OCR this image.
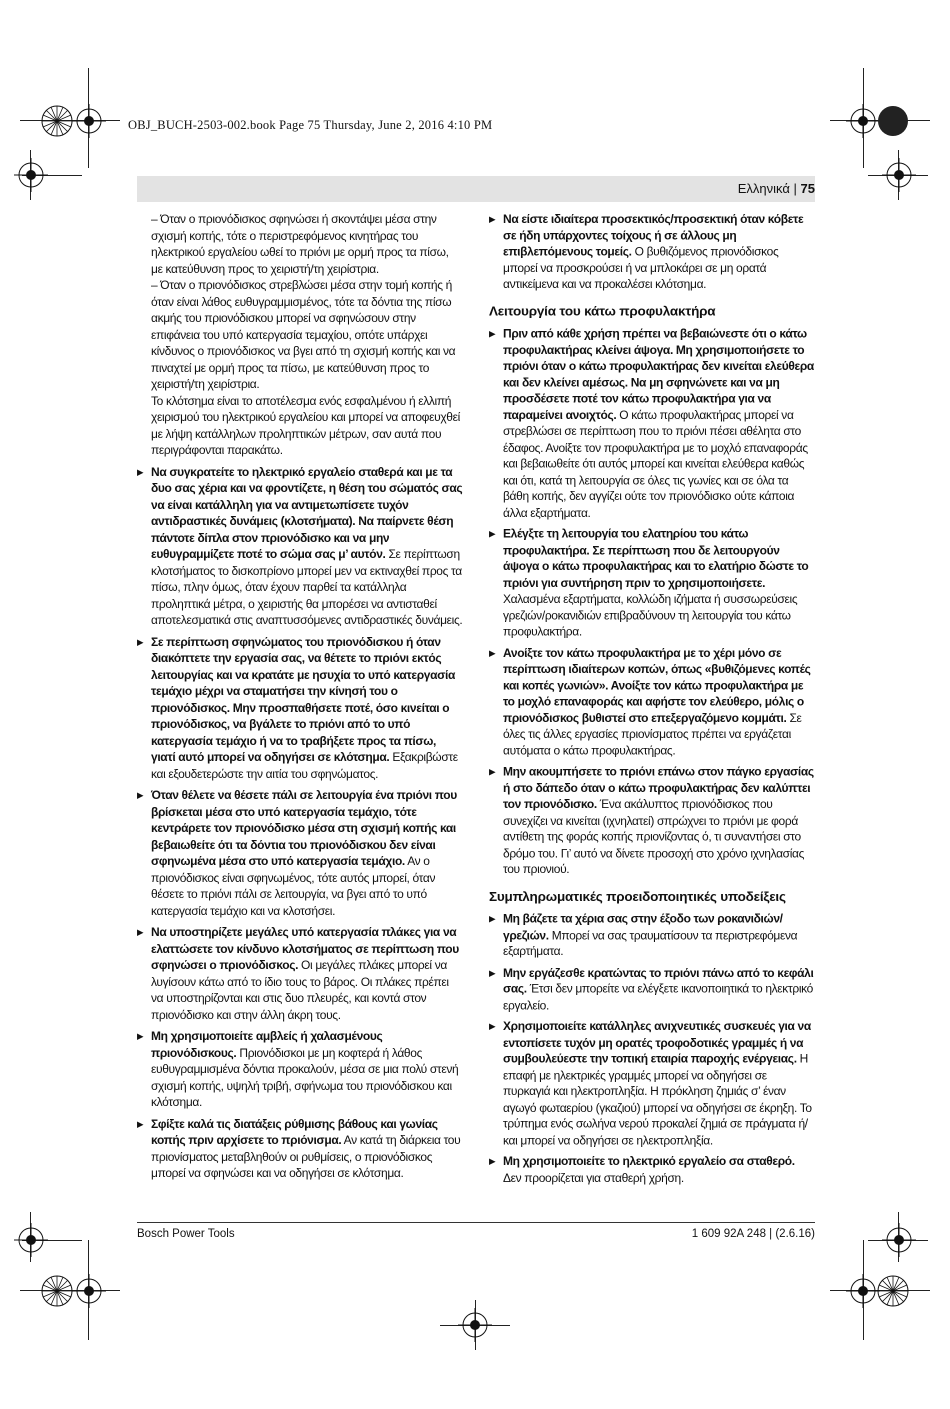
OBJ_BUCH-2503-002.book Page 75 Thursday, June 2, 2016 4:10 PM
Ελληνικά | 75

– Όταν ο πριονόδισκος σφηνώσει ή σκοντάψει μέσα στην σχισμή κοπής, τότε ο περιστρεφόμενος κινητήρας του ηλεκτρικού εργαλείου ωθεί το πριόνι με ορμή προς τα πίσω, με κατεύθυνση προς το χειριστή/τη χειρίστρια.

– Όταν ο πριονόδισκος στρεβλώσει μέσα στην τομή κοπής ή όταν είναι λάθος ευθυγραμμισμένος, τότε τα δόντια της πίσω ακμής του πριονόδισκου μπορεί να σφηνώσουν στην επιφάνεια του υπό κατεργασία τεμαχίου, οπότε υπάρχει κίνδυνος ο πριονόδισκος να βγει από τη σχισμή κοπής και να πιναχτεί με ορμή προς τα πίσω, με κατεύθυνση προς το χειριστή/τη χειρίστρια.

Το κλότσημα είναι το αποτέλεσμα ενός εσφαλμένου ή ελλιπή χειρισμού του ηλεκτρικού εργαλείου και μπορεί να αποφευχθεί με λήψη κατάλληλων προληπτικών μέτρων, σαν αυτά που περιγράφονται παρακάτω.

▶ Να συγκρατείτε το ηλεκτρικό εργαλείο σταθερά και με τα δυο σας χέρια και να φροντίζετε, η θέση του σώματός σας να είναι κατάλληλη για να αντιμετωπίσετε τυχόν αντιδραστικές δυνάμεις (κλοτσήματα). Να παίρνετε θέση πάντοτε δίπλα στον πριονόδισκο και να μην ευθυγραμμίζετε ποτέ το σώμα σας μ’ αυτόν. Σε περίπτωση κλοτσήματος το δισκοπρίονο μπορεί μεν να εκτιναχθεί προς τα πίσω, πλην όμως, όταν έχουν παρθεί τα κατάλληλα προληπτικά μέτρα, ο χειριστής θα μπορέσει να αντισταθεί αποτελεσματικά στις αναπτυσσόμενες αντιδραστικές δυνάμεις.
▶ Σε περίπτωση σφηνώματος του πριονόδισκου ή όταν διακόπτετε την εργασία σας, να θέτετε το πριόνι εκτός λειτουργίας και να κρατάτε με ησυχία το υπό κατεργασία τεμάχιο μέχρι να σταματήσει την κίνησή του ο πριονόδισκος. Μην προσπαθήσετε ποτέ, όσο κινείται ο πριονόδισκος, να βγάλετε το πριόνι από το υπό κατεργασία τεμάχιο ή να το τραβήξετε προς τα πίσω, γιατί αυτό μπορεί να οδηγήσει σε κλότσημα. Εξακριβώστε και εξουδετερώστε την αιτία του σφηνώματος.
▶ Όταν θέλετε να θέσετε πάλι σε λειτουργία ένα πριόνι που βρίσκεται μέσα στο υπό κατεργασία τεμάχιο, τότε κεντράρετε τον πριονόδισκο μέσα στη σχισμή κοπής και βεβαιωθείτε ότι τα δόντια του πριονόδισκου δεν είναι σφηνωμένα μέσα στο υπό κατεργασία τεμάχιο. Αν ο πριονόδισκος είναι σφηνωμένος, τότε αυτός μπορεί, όταν θέσετε το πριόνι πάλι σε λειτουργία, να βγει από το υπό κατεργασία τεμάχιο και να κλοτσήσει.
▶ Να υποστηρίζετε μεγάλες υπό κατεργασία πλάκες για να ελαττώσετε τον κίνδυνο κλοτσήματος σε περίπτωση που σφηνώσει ο πριονόδισκος. Οι μεγάλες πλάκες μπορεί να λυγίσουν κάτω από το ίδιο τους το βάρος. Οι πλάκες πρέπει να υποστηρίζονται και στις δυο πλευρές, και κοντά στον πριονόδισκο και στην άλλη άκρη τους.
▶ Μη χρησιμοποιείτε αμβλείς ή χαλασμένους πριονόδισκους. Πριονόδισκοι με μη κοφτερά ή λάθος ευθυγραμμισμένα δόντια προκαλούν, μέσα σε μια πολύ στενή σχισμή κοπής, υψηλή τριβή, σφήνωμα του πριονόδισκου και κλότσημα.
▶ Σφίξτε καλά τις διατάξεις ρύθμισης βάθους και γωνίας κοπής πριν αρχίσετε το πριόνισμα. Αν κατά τη διάρκεια του πριονίσματος μεταβληθούν οι ρυθμίσεις, ο πριονόδισκος μπορεί να σφηνώσει και να οδηγήσει σε κλότσημα.
▶ Να είστε ιδιαίτερα προσεκτικός/προσεκτική όταν κόβετε σε ήδη υπάρχοντες τοίχους ή σε άλλους μη επιβλεπόμενους τομείς. Ο βυθιζόμενος πριονόδισκος μπορεί να προσκρούσει ή να μπλοκάρει σε μη ορατά αντικείμενα και να προκαλέσει κλότσημα.
Λειτουργία του κάτω προφυλακτήρα
▶ Πριν από κάθε χρήση πρέπει να βεβαιώνεστε ότι ο κάτω προφυλακτήρας κλείνει άψογα. Μη χρησιμοποιήσετε το πριόνι όταν ο κάτω προφυλακτήρας δεν κινείται ελεύθερα και δεν κλείνει αμέσως. Να μη σφηνώνετε και να μη προσδέσετε ποτέ τον κάτω προφυλακτήρα για να παραμείνει ανοιχτός. Ο κάτω προφυλακτήρας μπορεί να στρεβλώσει σε περίπτωση που το πριόνι πέσει αθέλητα στο έδαφος. Ανοίξτε τον προφυλακτήρα με το μοχλό επαναφοράς και βεβαιωθείτε ότι αυτός μπορεί και κινείται ελεύθερα καθώς και ότι, κατά τη λειτουργία σε όλες τις γωνίες και σε όλα τα βάθη κοπής, δεν αγγίζει ούτε τον πριονόδισκο ούτε κάποια άλλα εξαρτήματα.
▶ Ελέγξτε τη λειτουργία του ελατηρίου του κάτω προφυλακτήρα. Σε περίπτωση που δε λειτουργούν άψογα ο κάτω προφυλακτήρας και το ελατήριο δώστε το πριόνι για συντήρηση πριν το χρησιμοποιήσετε. Χαλασμένα εξαρτήματα, κολλώδη ιζήματα ή συσσωρεύσεις γρεζιών/ροκανιδιών επιβραδύνουν τη λειτουργία του κάτω προφυλακτήρα.
▶ Ανοίξτε τον κάτω προφυλακτήρα με το χέρι μόνο σε περίπτωση ιδιαίτερων κοπών, όπως «βυθιζόμενες κοπές και κοπές γωνιών». Ανοίξτε τον κάτω προφυλακτήρα με το μοχλό επαναφοράς και αφήστε τον ελεύθερο, μόλις ο πριονόδισκος βυθιστεί στο επεξεργαζόμενο κομμάτι. Σε όλες τις άλλες εργασίες πριονίσματος πρέπει να εργάζεται αυτόματα ο κάτω προφυλακτήρας.
▶ Μην ακουμπήσετε το πριόνι επάνω στον πάγκο εργασίας ή στο δάπεδο όταν ο κάτω προφυλακτήρας δεν καλύπτει τον πριονόδισκο. Ένα ακάλυπτος πριονόδισκος που συνεχίζει να κινείται (ιχνηλατεί) σπρώχνει το πριόνι με φορά αντίθετη της φοράς κοπής πριονίζοντας ό, τι συναντήσει στο δρόμο του. Γι’ αυτό να δίνετε προσοχή στο χρόνο ιχνηλασίας του πριονιού.
Συμπληρωματικές προειδοποιητικές υποδείξεις
▶ Μη βάζετε τα χέρια σας στην έξοδο των ροκανιδιών/γρεζιών. Μπορεί να σας τραυματίσουν τα περιστρεφόμενα εξαρτήματα.
▶ Μην εργάζεσθε κρατώντας το πριόνι πάνω από το κεφάλι σας. Έτσι δεν μπορείτε να ελέγξετε ικανοποιητικά το ηλεκτρικό εργαλείο.
▶ Χρησιμοποιείτε κατάλληλες ανιχνευτικές συσκευές για να εντοπίσετε τυχόν μη ορατές τροφοδοτικές γραμμές ή να συμβουλεύεστε την τοπική εταιρία παροχής ενέργειας. Η επαφή με ηλεκτρικές γραμμές μπορεί να οδηγήσει σε πυρκαγιά και ηλεκτροπληξία. Η πρόκληση ζημιάς σ’ έναν αγωγό φωταερίου (γκαζιού) μπορεί να οδηγήσει σε έκρηξη. Το τρύπημα ενός σωλήνα νερού προκαλεί ζημιά σε πράγματα ή/και μπορεί να οδηγήσει σε ηλεκτροπληξία.
▶ Μη χρησιμοποιείτε το ηλεκτρικό εργαλείο σα σταθερό. Δεν προορίζεται για σταθερή χρήση.
Bosch Power Tools	1 609 92A 248 | (2.6.16)
